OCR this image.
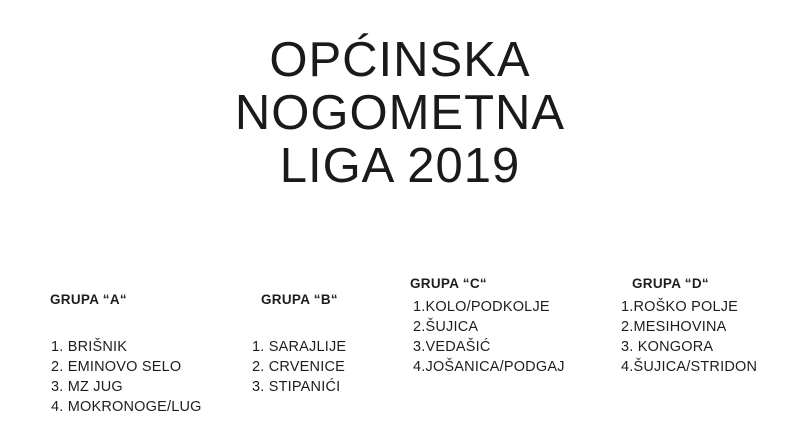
OPĆINSKA
NOGOMETNA
LIGA 2019
GRUPA “A“
1. BRIŠNIK
2. EMINOVO SELO
3. MZ JUG
4. MOKRONOGE/LUG
GRUPA “B“
1. SARAJLIJE
2. CRVENICE
3. STIPANIĆI
GRUPA “C“
1.KOLO/PODKOLJE
2.ŠUJICA
3.VEDAŠIĆ
4.JOŠANICA/PODGAJ
GRUPA “D“
1.ROŠKO POLJE
2.MESIHOVINA
3. KONGORA
4.ŠUJICA/STRIDON
